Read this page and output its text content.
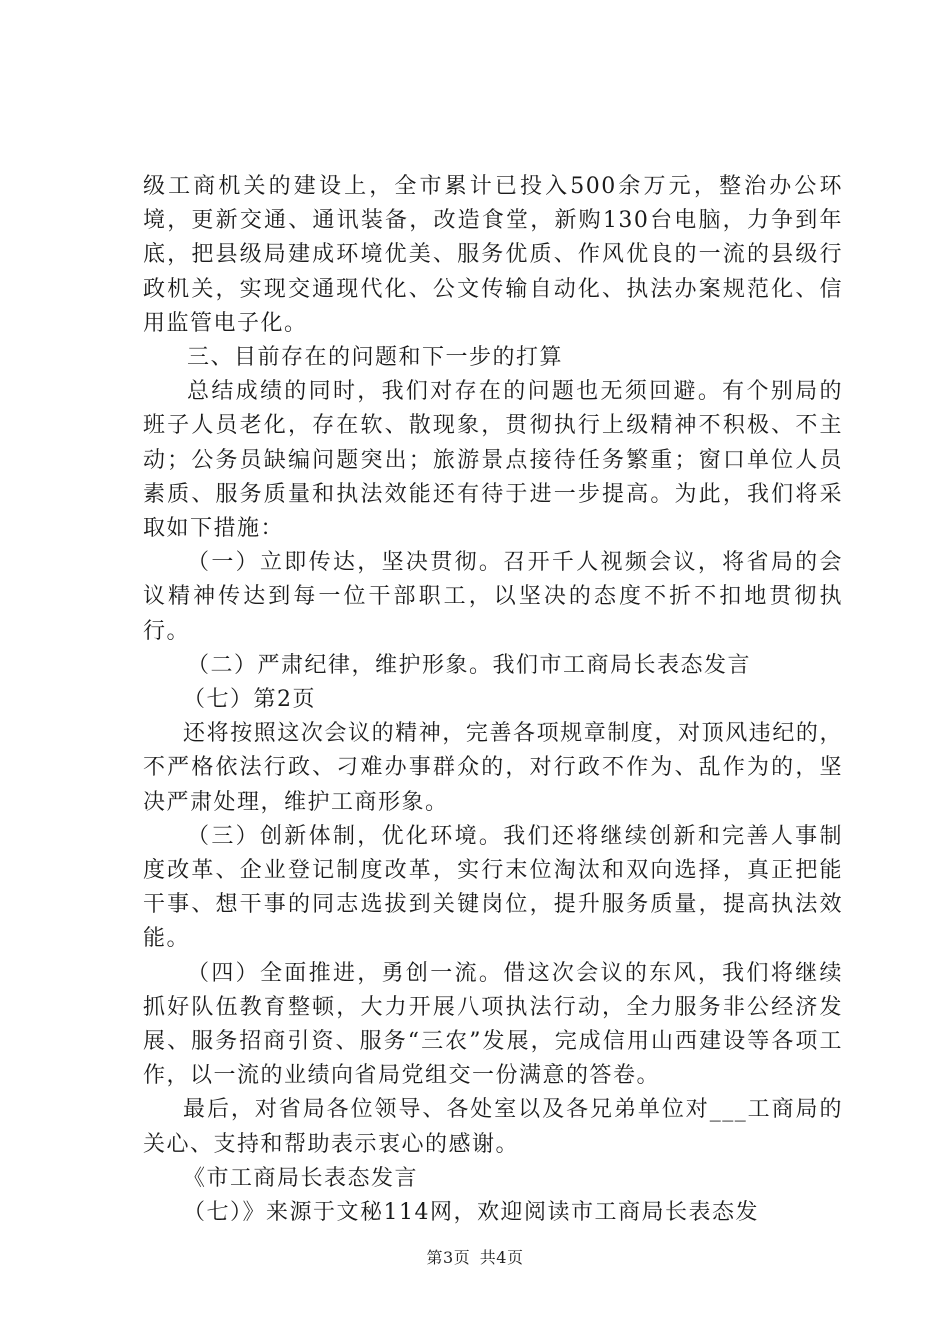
级工商机关的建设上，全市累计已投入500余万元，整治办公环境，更新交通、通讯装备，改造食堂，新购130台电脑，力争到年底，把县级局建成环境优美、服务优质、作风优良的一流的县级行政机关，实现交通现代化、公文传输自动化、执法办案规范化、信用监管电子化。

三、目前存在的问题和下一步的打算

总结成绩的同时，我们对存在的问题也无须回避。有个别局的班子人员老化，存在软、散现象，贯彻执行上级精神不积极、不主动；公务员缺编问题突出；旅游景点接待任务繁重；窗口单位人员素质、服务质量和执法效能还有待于进一步提高。为此，我们将采取如下措施：

（一）立即传达，坚决贯彻。召开千人视频会议，将省局的会议精神传达到每一位干部职工，以坚决的态度不折不扣地贯彻执行。

（二）严肃纪律，维护形象。我们市工商局长表态发言

（七）第2页

还将按照这次会议的精神，完善各项规章制度，对顶风违纪的，不严格依法行政、刁难办事群众的，对行政不作为、乱作为的，坚决严肃处理，维护工商形象。

（三）创新体制，优化环境。我们还将继续创新和完善人事制度改革、企业登记制度改革，实行末位淘汰和双向选择，真正把能干事、想干事的同志选拔到关键岗位，提升服务质量，提高执法效能。

（四）全面推进，勇创一流。借这次会议的东风，我们将继续抓好队伍教育整顿，大力开展八项执法行动，全力服务非公经济发展、服务招商引资、服务“三农”发展，完成信用山西建设等各项工作，以一流的业绩向省局党组交一份满意的答卷。

最后，对省局各位领导、各处室以及各兄弟单位对___工商局的关心、支持和帮助表示衷心的感谢。

《市工商局长表态发言

（七）》来源于文秘114网，欢迎阅读市工商局长表态发

第3页 共4页
